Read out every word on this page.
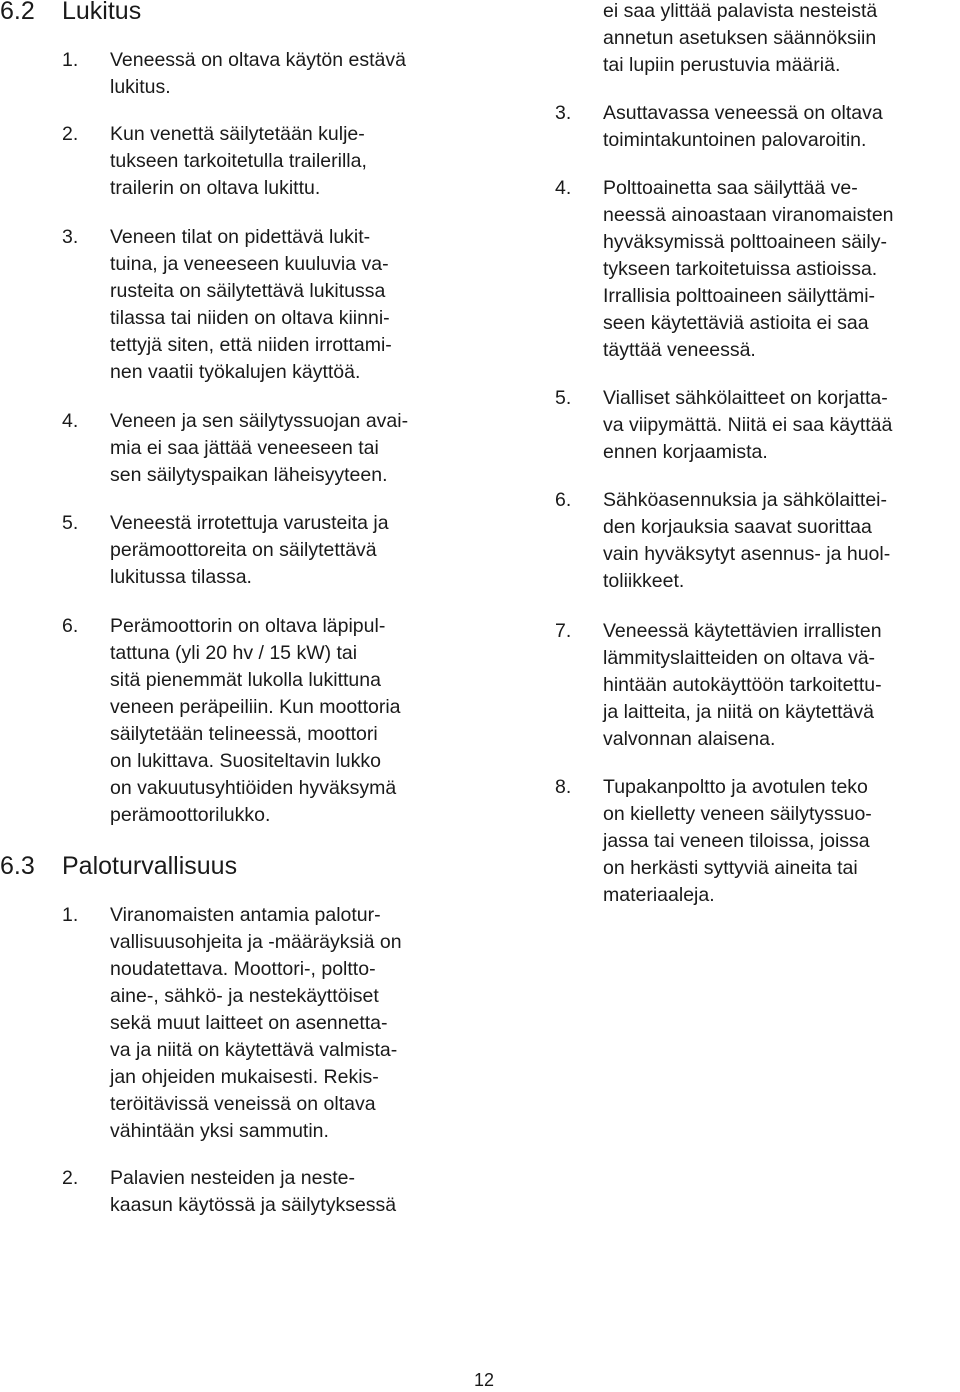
6.2	Lukitus
1.	Veneessä on oltava käytön estävä
lukitus.
2.	Kun venettä säilytetään kulje-
tukseen tarkoitetulla trailerilla,
trailerin on oltava lukittu.
3.	Veneen tilat on pidettävä lukit-
tuina, ja veneeseen kuuluvia va-
rusteita on säilytettävä lukitussa
tilassa tai niiden on oltava kiinni-
tettyjä siten, että niiden irrottami-
nen vaatii työkalujen käyttöä.
4.	Veneen ja sen säilytyssuojan avai-
mia ei saa jättää veneeseen tai
sen säilytyspaikan läheisyyteen.
5.	Veneestä irrotettuja varusteita ja
perämoottoreita on säilytettävä
lukitussa tilassa.
6.	Perämoottorin on oltava läpipul-
tattuna (yli 20 hv / 15 kW) tai
sitä pienemmät lukolla lukittuna
veneen peräpeiliin. Kun moottoria
säilytetään telineessä, moottori
on lukittava. Suositeltavin lukko
on vakuutusyhtiöiden hyväksymä
perämoottorilukko.
6.3	Paloturvallisuus
1.	Viranomaisten antamia palotur-
vallisuusohjeita ja -määräyksiä on
noudatettava. Moottori-, poltto-
aine-, sähkö- ja nestekäyttöiset
sekä muut laitteet on asennetta-
va ja niitä on käytettävä valmista-
jan ohjeiden mukaisesti. Rekis-
teröitävissä veneissä on oltava
vähintään yksi sammutin.
2.	Palavien nesteiden ja neste-
kaasun käytössä ja säilytyksessä
ei saa ylittää palavista nesteistä
annetun asetuksen säännöksiin
tai lupiin perustuvia määriä.
3.	Asuttavassa veneessä on oltava
toimintakuntoinen palovaroitin.
4.	Polttoainetta saa säilyttää ve-
neessä ainoastaan viranomaisten
hyväksymissä polttoaineen säily-
tykseen tarkoitetuissa astioissa.
Irrallisia polttoaineen säilyttämi-
seen käytettäviä astioita ei saa
täyttää veneessä.
5.	Vialliset sähkölaitteet on korjatta-
va viipymättä. Niitä ei saa käyttää
ennen korjaamista.
6.	Sähköasennuksia ja sähkölaittei-
den korjauksia saavat suorittaa
vain hyväksytyt asennus- ja huol-
toliikkeet.
7.	Veneessä käytettävien irrallisten
lämmityslaitteiden on oltava vä-
hintään autokäyttöön tarkoitettu-
ja laitteita, ja niitä on käytettävä
valvonnan alaisena.
8.	Tupakanpoltto ja avotulen teko
on kielletty veneen säilytyssuo-
jassa tai veneen tiloissa, joissa
on herkästi syttyviä aineita tai
materiaaleja.
12
